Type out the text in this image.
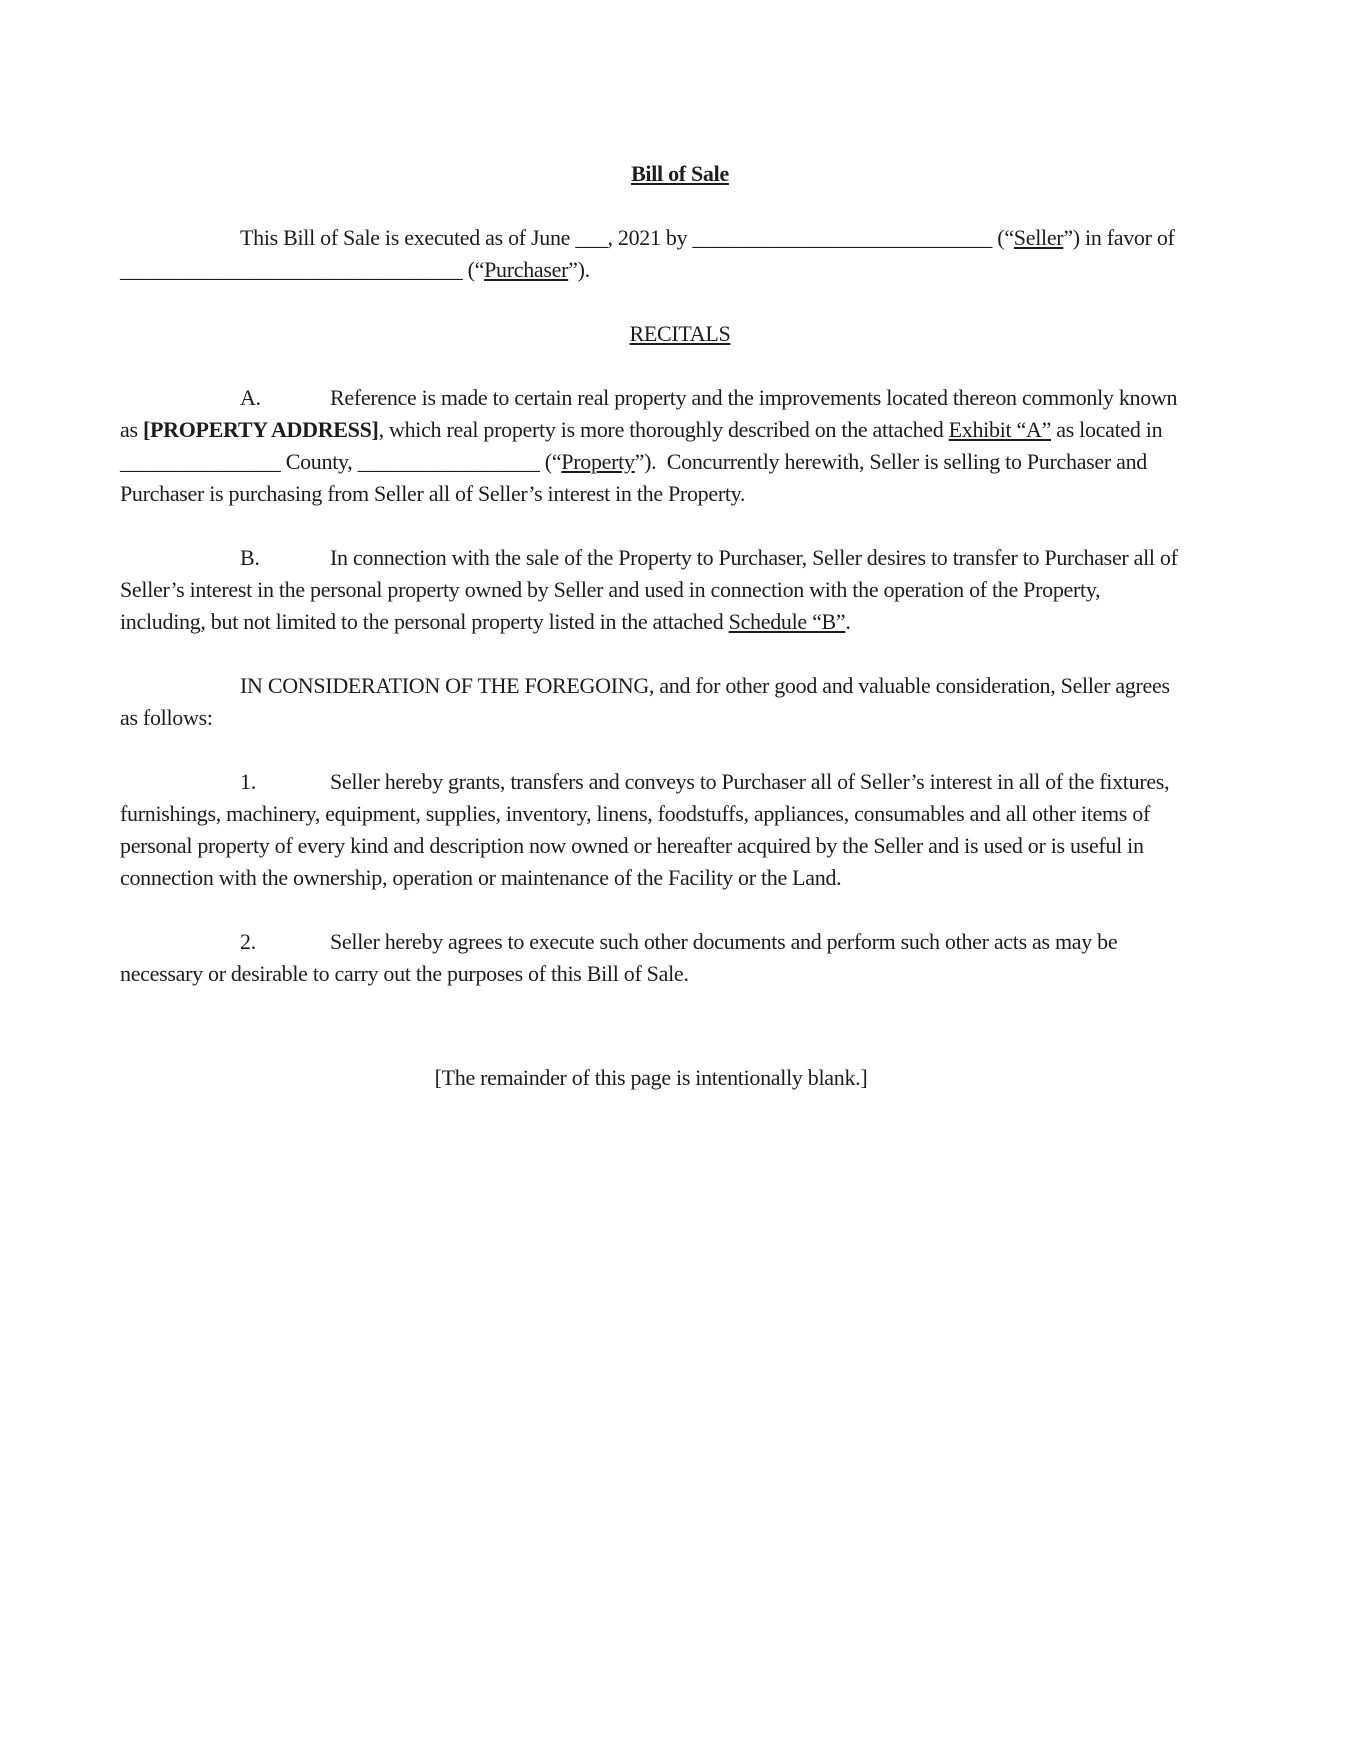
Bill of Sale

This Bill of Sale is executed as of June ___, 2021 by ____________________________ (“Seller”) in favor of ________________________________ (“Purchaser”).

RECITALS

A.	Reference is made to certain real property and the improvements located thereon commonly known as [PROPERTY ADDRESS], which real property is more thoroughly described on the attached Exhibit “A” as located in _______________ County, _________________ (“Property”).  Concurrently herewith, Seller is selling to Purchaser and Purchaser is purchasing from Seller all of Seller’s interest in the Property.

B.	In connection with the sale of the Property to Purchaser, Seller desires to transfer to Purchaser all of Seller’s interest in the personal property owned by Seller and used in connection with the operation of the Property, including, but not limited to the personal property listed in the attached Schedule “B”.

IN CONSIDERATION OF THE FOREGOING, and for other good and valuable consideration, Seller agrees as follows:

1.	Seller hereby grants, transfers and conveys to Purchaser all of Seller’s interest in all of the fixtures, furnishings, machinery, equipment, supplies, inventory, linens, foodstuffs, appliances, consumables and all other items of personal property of every kind and description now owned or hereafter acquired by the Seller and is used or is useful in connection with the ownership, operation or maintenance of the Facility or the Land.

2.	Seller hereby agrees to execute such other documents and perform such other acts as may be necessary or desirable to carry out the purposes of this Bill of Sale.

[The remainder of this page is intentionally blank.]
